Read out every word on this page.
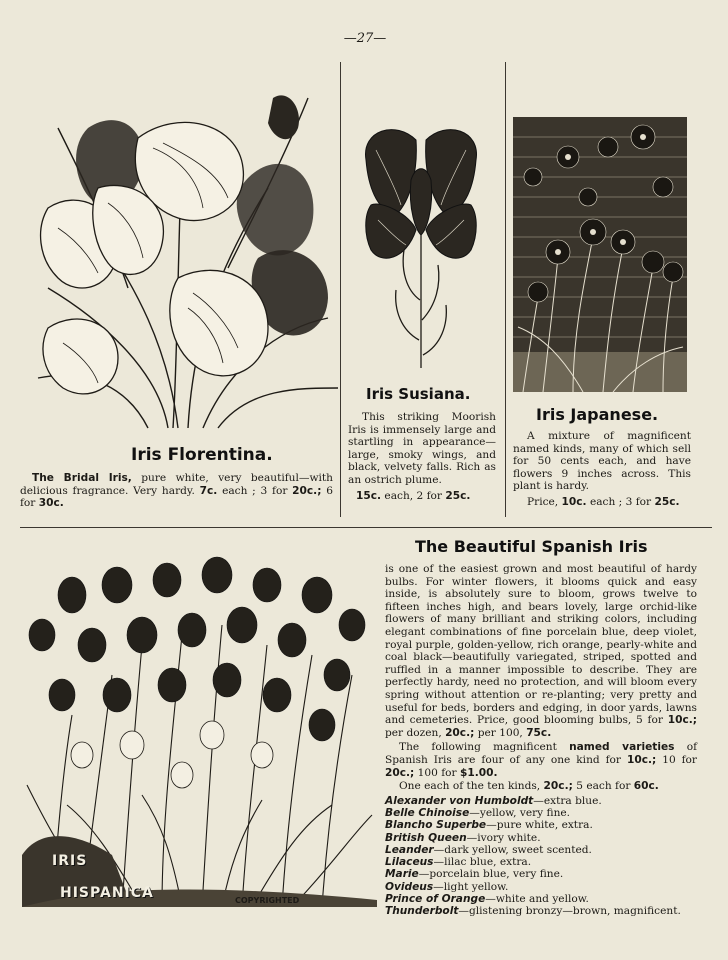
—27—
Iris Florentina.

The Bridal Iris, pure white, very beautiful—with delicious fragrance. Very hardy. 7c. each ; 3 for 20c.; 6 for 30c.

Iris Susiana.

This striking Moorish Iris is immensely large and startling in appearance—large, smoky wings, and black, velvety falls. Rich as an ostrich plume.

15c. each, 2 for 25c.

Iris Japanese.

A mixture of magnificent named kinds, many of which sell for 50 cents each, and have flowers 9 inches across. This plant is hardy.

Price, 10c. each ; 3 for 25c.

IRIS
HISPANICA	COPYRIGHTED
The Beautiful Spanish Iris

is one of the easiest grown and most beautiful of hardy bulbs. For winter flowers, it blooms quick and easy inside, is absolutely sure to bloom, grows twelve to fifteen inches high, and bears lovely, large orchid-like flowers of many brilliant and striking colors, including elegant combinations of fine porcelain blue, deep violet, royal purple, golden-yellow, rich orange, pearly-white and coal black—beautifully variegated, striped, spotted and ruffled in a manner impossible to describe. They are perfectly hardy, need no protection, and will bloom every spring without attention or re-planting; very pretty and useful for beds, borders and edging, in door yards, lawns and cemeteries. Price, good blooming bulbs, 5 for 10c.; per dozen, 20c.; per 100, 75c.

The following magnificent named varieties of Spanish Iris are four of any one kind for 10c.; 10 for 20c.; 100 for $1.00.

One each of the ten kinds, 20c.; 5 each for 60c.

Alexander von Humboldt—extra blue.
Belle Chinoise—yellow, very fine.
Blancho Superbe—pure white, extra.
British Queen—ivory white.
Leander—dark yellow, sweet scented.
Lilaceus—lilac blue, extra.
Marie—porcelain blue, very fine.
Ovideus—light yellow.
Prince of Orange—white and yellow.
Thunderbolt—glistening bronzy—brown, magnificent.
